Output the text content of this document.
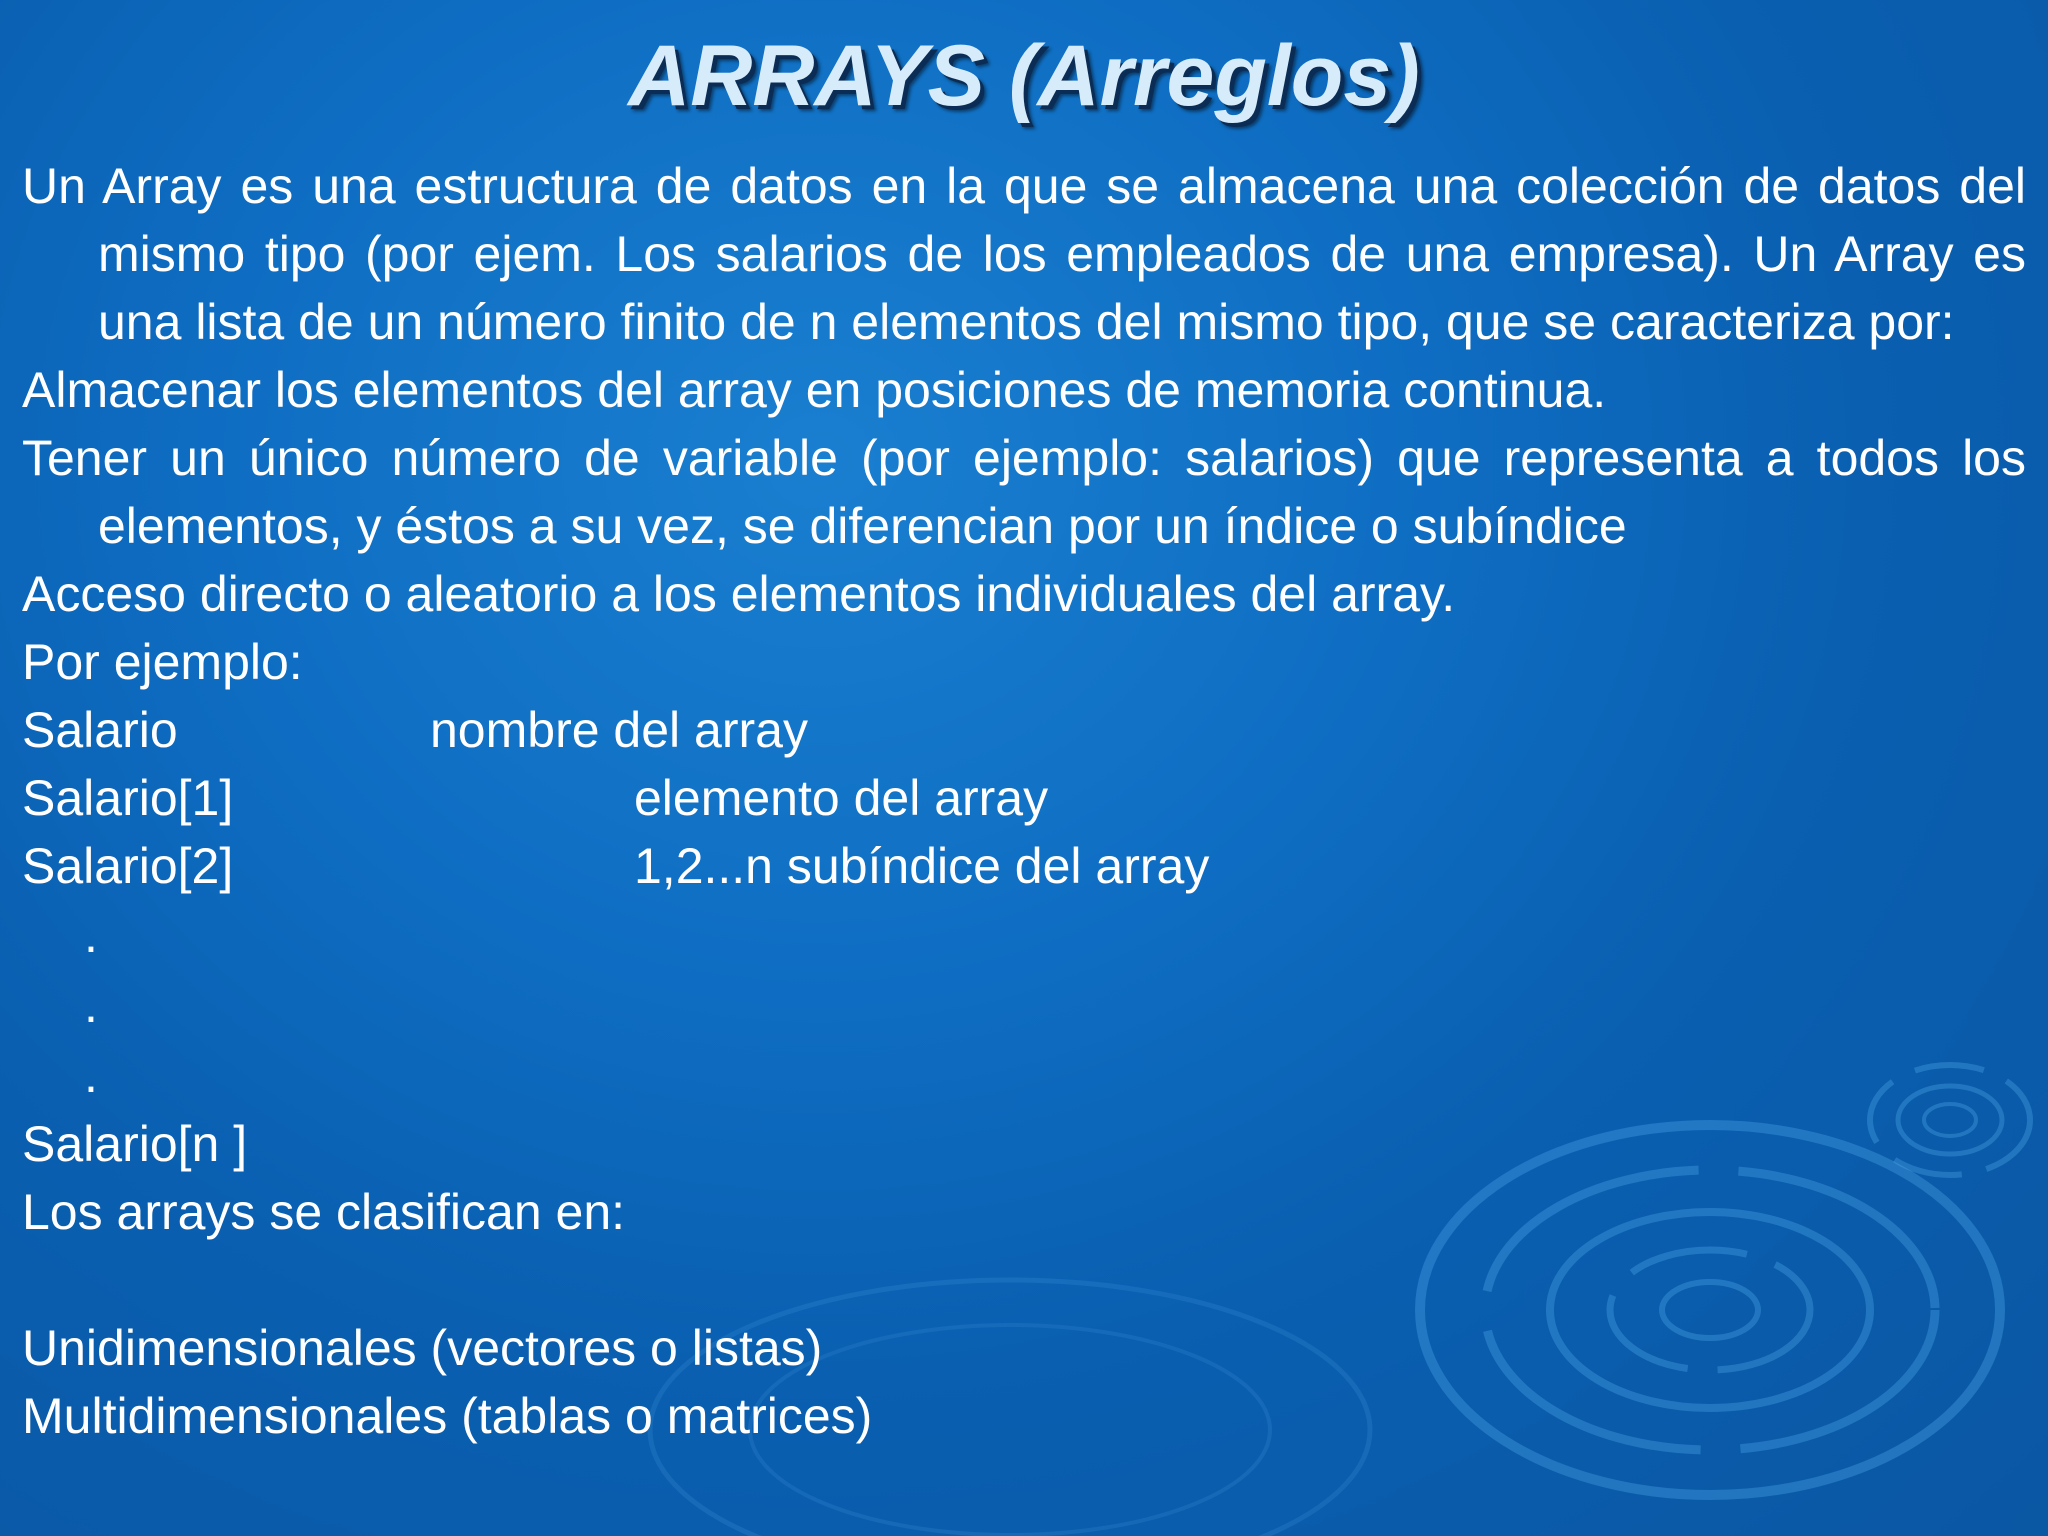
ARRAYS (Arreglos)

Un Array es una estructura de datos en la que se almacena una colección de datos del mismo tipo (por ejem. Los salarios de los empleados de una empresa). Un Array es una lista de un número finito de n elementos del mismo tipo, que se caracteriza por:

Almacenar los elementos del array en posiciones de memoria continua.

Tener un único número de variable (por ejemplo: salarios) que representa a todos los elementos, y éstos a su vez, se diferencian por un índice o subíndice

Acceso directo o aleatorio a los elementos individuales del array.

Por ejemplo:

Salario	nombre del array
Salario[1]	elemento del array
Salario[2]	1,2...n subíndice del array
.
.
.

Salario[n ]

Los arrays se clasifican en:

Unidimensionales (vectores o listas)

Multidimensionales (tablas o matrices)
